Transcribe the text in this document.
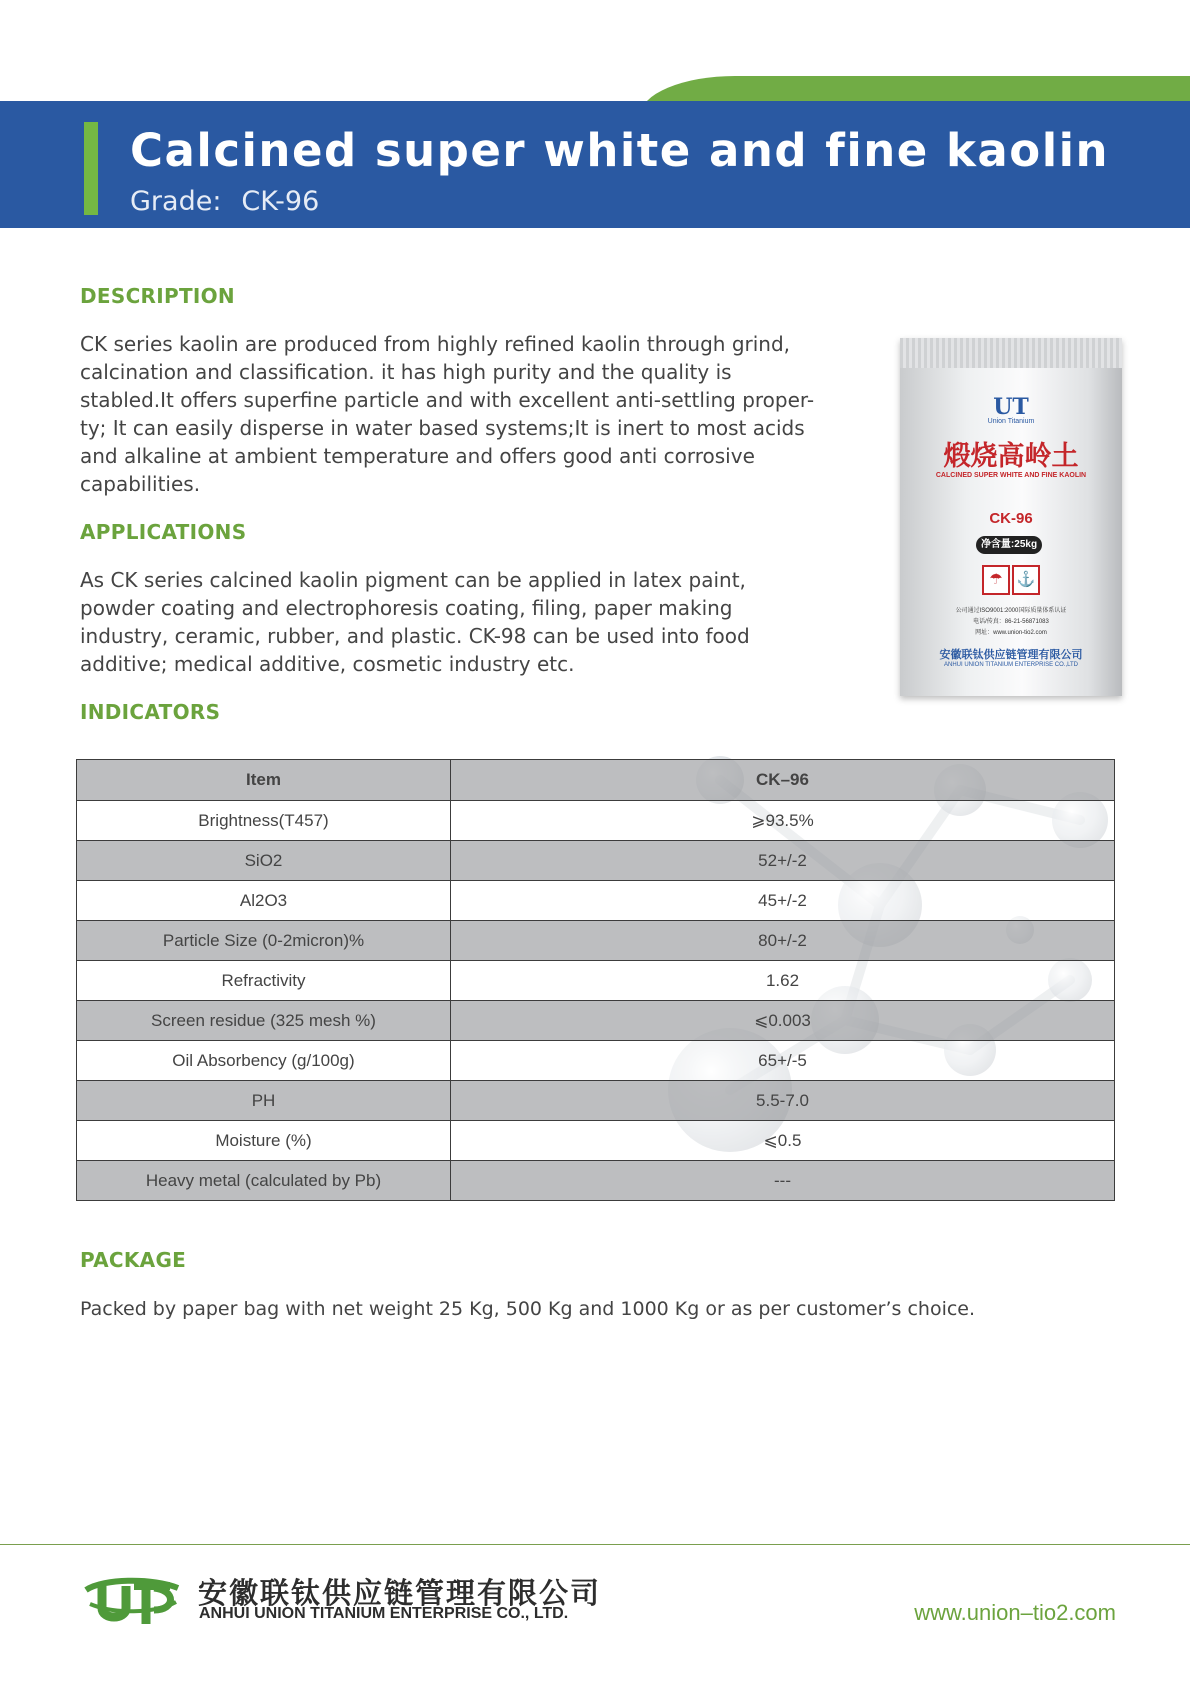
Calcined super white and fine kaolin
Grade: CK-96
DESCRIPTION
CK series kaolin are produced from highly refined kaolin through grind,
calcination and classification. it has high purity and the quality is
stabled.It offers superfine particle and with excellent anti-settling proper-
ty; It can easily disperse in water based systems;It is inert to most acids
and alkaline at ambient temperature and offers good anti corrosive
capabilities.
APPLICATIONS
As CK series calcined kaolin pigment can be applied in latex paint,
powder coating and electrophoresis coating, filing, paper making
industry, ceramic, rubber, and plastic. CK-98 can be used into food
additive; medical additive, cosmetic industry etc.
INDICATORS
UT
Union Titanium
煅烧高岭土
CALCINED SUPER WHITE AND FINE KAOLIN
CK-96
净含量:25kg
☂ ⚓
公司通过ISO9001:2000国际质量体系认证
电话/传真：86-21-56871083
网址：www.union-tio2.com
安徽联钛供应链管理有限公司
ANHUI UNION TITANIUM ENTERPRISE CO.,LTD
Item	CK–96
Brightness(T457)	⩾93.5%
SiO2	52+/-2
Al2O3	45+/-2
Particle Size (0-2micron)%	80+/-2
Refractivity	1.62
Screen residue (325 mesh %)	⩽0.003
Oil Absorbency (g/100g)	65+/-5
PH	5.5-7.0
Moisture (%)	⩽0.5
Heavy metal (calculated by Pb)	---
PACKAGE
Packed by paper bag with net weight 25 Kg, 500 Kg and 1000 Kg or as per customer’s choice.
安徽联钛供应链管理有限公司
ANHUI UNION TITANIUM ENTERPRISE CO., LTD.	www.union–tio2.com
